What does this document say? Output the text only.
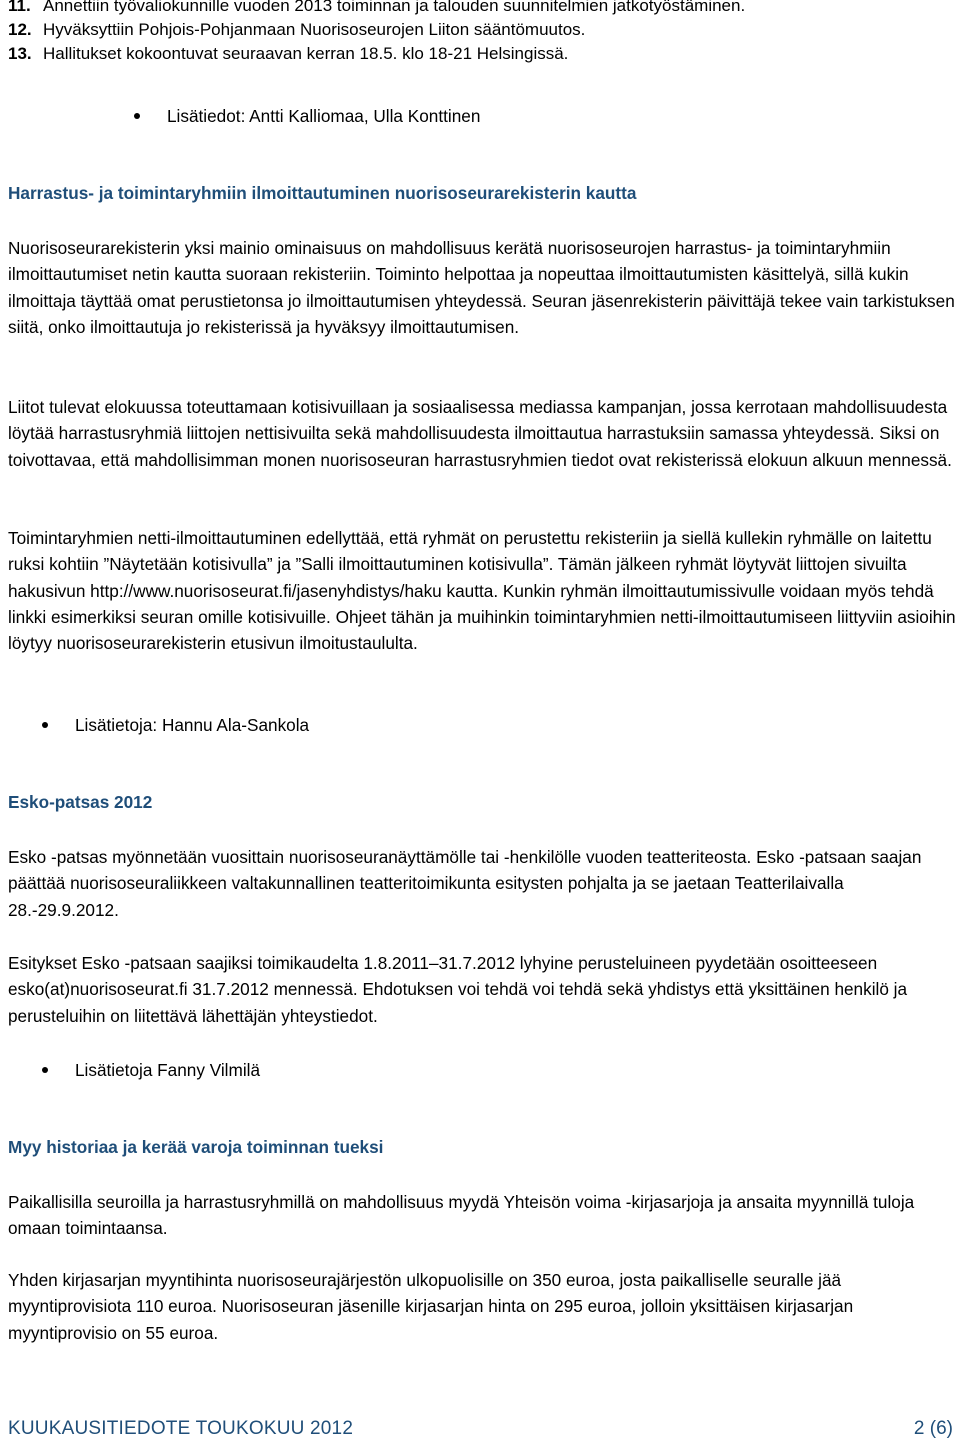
11. Annettiin työvaliokunnille vuoden 2013 toiminnan ja talouden suunnitelmien jatkotyöstäminen.
12. Hyväksyttiin Pohjois-Pohjanmaan Nuorisoseurojen Liiton sääntömuutos.
13. Hallitukset kokoontuvat seuraavan kerran 18.5. klo 18-21 Helsingissä.
Lisätiedot: Antti Kalliomaa, Ulla Konttinen
Harrastus- ja toimintaryhmiin ilmoittautuminen nuorisoseurarekisterin kautta

Nuorisoseurarekisterin yksi mainio ominaisuus on mahdollisuus kerätä nuorisoseurojen harrastus- ja toimintaryhmiin ilmoittautumiset netin kautta suoraan rekisteriin. Toiminto helpottaa ja nopeuttaa ilmoittautumisten käsittelyä, sillä kukin ilmoittaja täyttää omat perustietonsa jo ilmoittautumisen yhteydessä. Seuran jäsenrekisterin päivittäjä tekee vain tarkistuksen siitä, onko ilmoittautuja jo rekisterissä ja hyväksyy ilmoittautumisen.

Liitot tulevat elokuussa toteuttamaan kotisivuillaan ja sosiaalisessa mediassa kampanjan, jossa kerrotaan mahdollisuudesta löytää harrastusryhmiä liittojen nettisivuilta sekä mahdollisuudesta ilmoittautua harrastuksiin samassa yhteydessä. Siksi on toivottavaa, että mahdollisimman monen nuorisoseuran harrastusryhmien tiedot ovat rekisterissä elokuun alkuun mennessä.

Toimintaryhmien netti-ilmoittautuminen edellyttää, että ryhmät on perustettu rekisteriin ja siellä kullekin ryhmälle on laitettu ruksi kohtiin ”Näytetään kotisivulla” ja ”Salli ilmoittautuminen kotisivulla”. Tämän jälkeen ryhmät löytyvät liittojen sivuilta hakusivun http://www.nuorisoseurat.fi/jasenyhdistys/haku kautta. Kunkin ryhmän ilmoittautumissivulle voidaan myös tehdä linkki esimerkiksi seuran omille kotisivuille. Ohjeet tähän ja muihinkin toimintaryhmien netti-ilmoittautumiseen liittyviin asioihin löytyy nuorisoseurarekisterin etusivun ilmoitustaululta.

Lisätietoja: Hannu Ala-Sankola
Esko-patsas 2012

Esko -patsas myönnetään vuosittain nuorisoseuranäyttämölle tai -henkilölle vuoden teatteriteosta. Esko -patsaan saajan päättää nuorisoseuraliikkeen valtakunnallinen teatteritoimikunta esitysten pohjalta ja se jaetaan Teatterilaivalla 28.-29.9.2012.

Esitykset Esko -patsaan saajiksi toimikaudelta 1.8.2011–31.7.2012 lyhyine perusteluineen pyydetään osoitteeseen esko(at)nuorisoseurat.fi 31.7.2012 mennessä. Ehdotuksen voi tehdä voi tehdä sekä yhdistys että yksittäinen henkilö ja perusteluihin on liitettävä lähettäjän yhteystiedot.

Lisätietoja Fanny Vilmilä
Myy historiaa ja kerää varoja toiminnan tueksi

Paikallisilla seuroilla ja harrastusryhmillä on mahdollisuus myydä Yhteisön voima -kirjasarjoja ja ansaita myynnillä tuloja omaan toimintaansa.

Yhden kirjasarjan myyntihinta nuorisoseurajärjestön ulkopuolisille on 350 euroa, josta paikalliselle seuralle jää myyntiprovisiota 110 euroa. Nuorisoseuran jäsenille kirjasarjan hinta on 295 euroa, jolloin yksittäisen kirjasarjan myyntiprovisio on 55 euroa.

KUUKAUSITIEDOTE TOUKOKUU 2012	2 (6)
